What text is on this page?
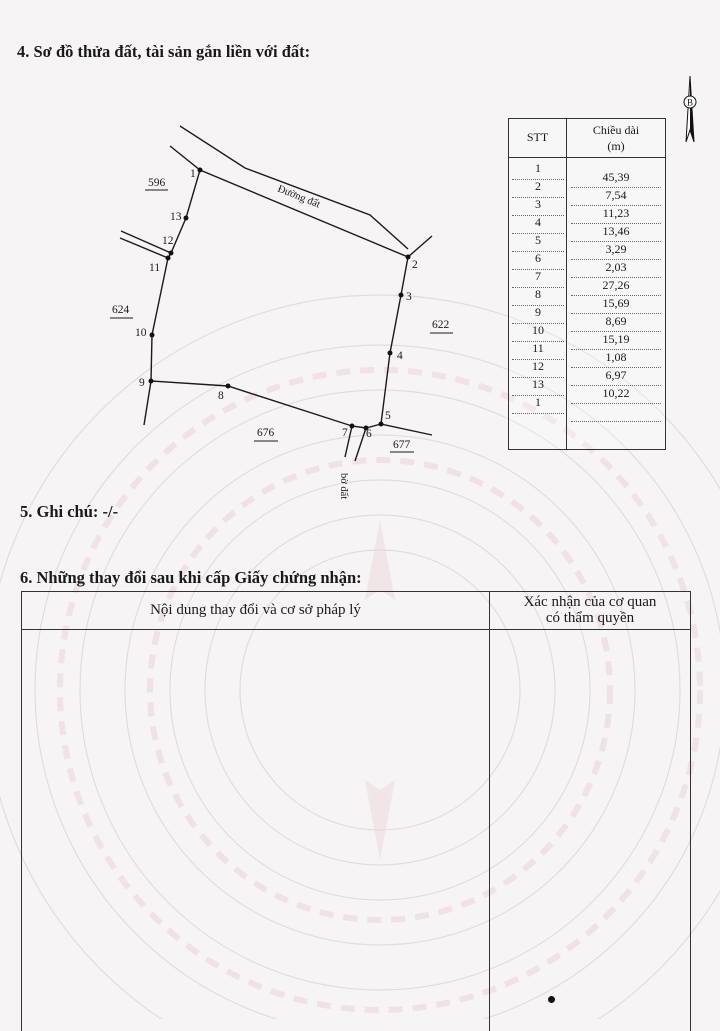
4. Sơ đồ thửa đất, tài sản gắn liền với đất:
1
2
3
4
5
6
7
8
9
10
11
12
13
596
624
622
676
677
Đường đất
bờ đất
B
STT	Chiều dài
(m)
1
2
3
4
5
6
7
8
9
10
11
12
13
1
45,39
7,54
11,23
13,46
3,29
2,03
27,26
15,69
8,69
15,19
1,08
6,97
10,22
5. Ghi chú: -/-
6. Những thay đổi sau khi cấp Giấy chứng nhận:
Nội dung thay đổi và cơ sở pháp lý	Xác nhận của cơ quan
có thẩm quyền
